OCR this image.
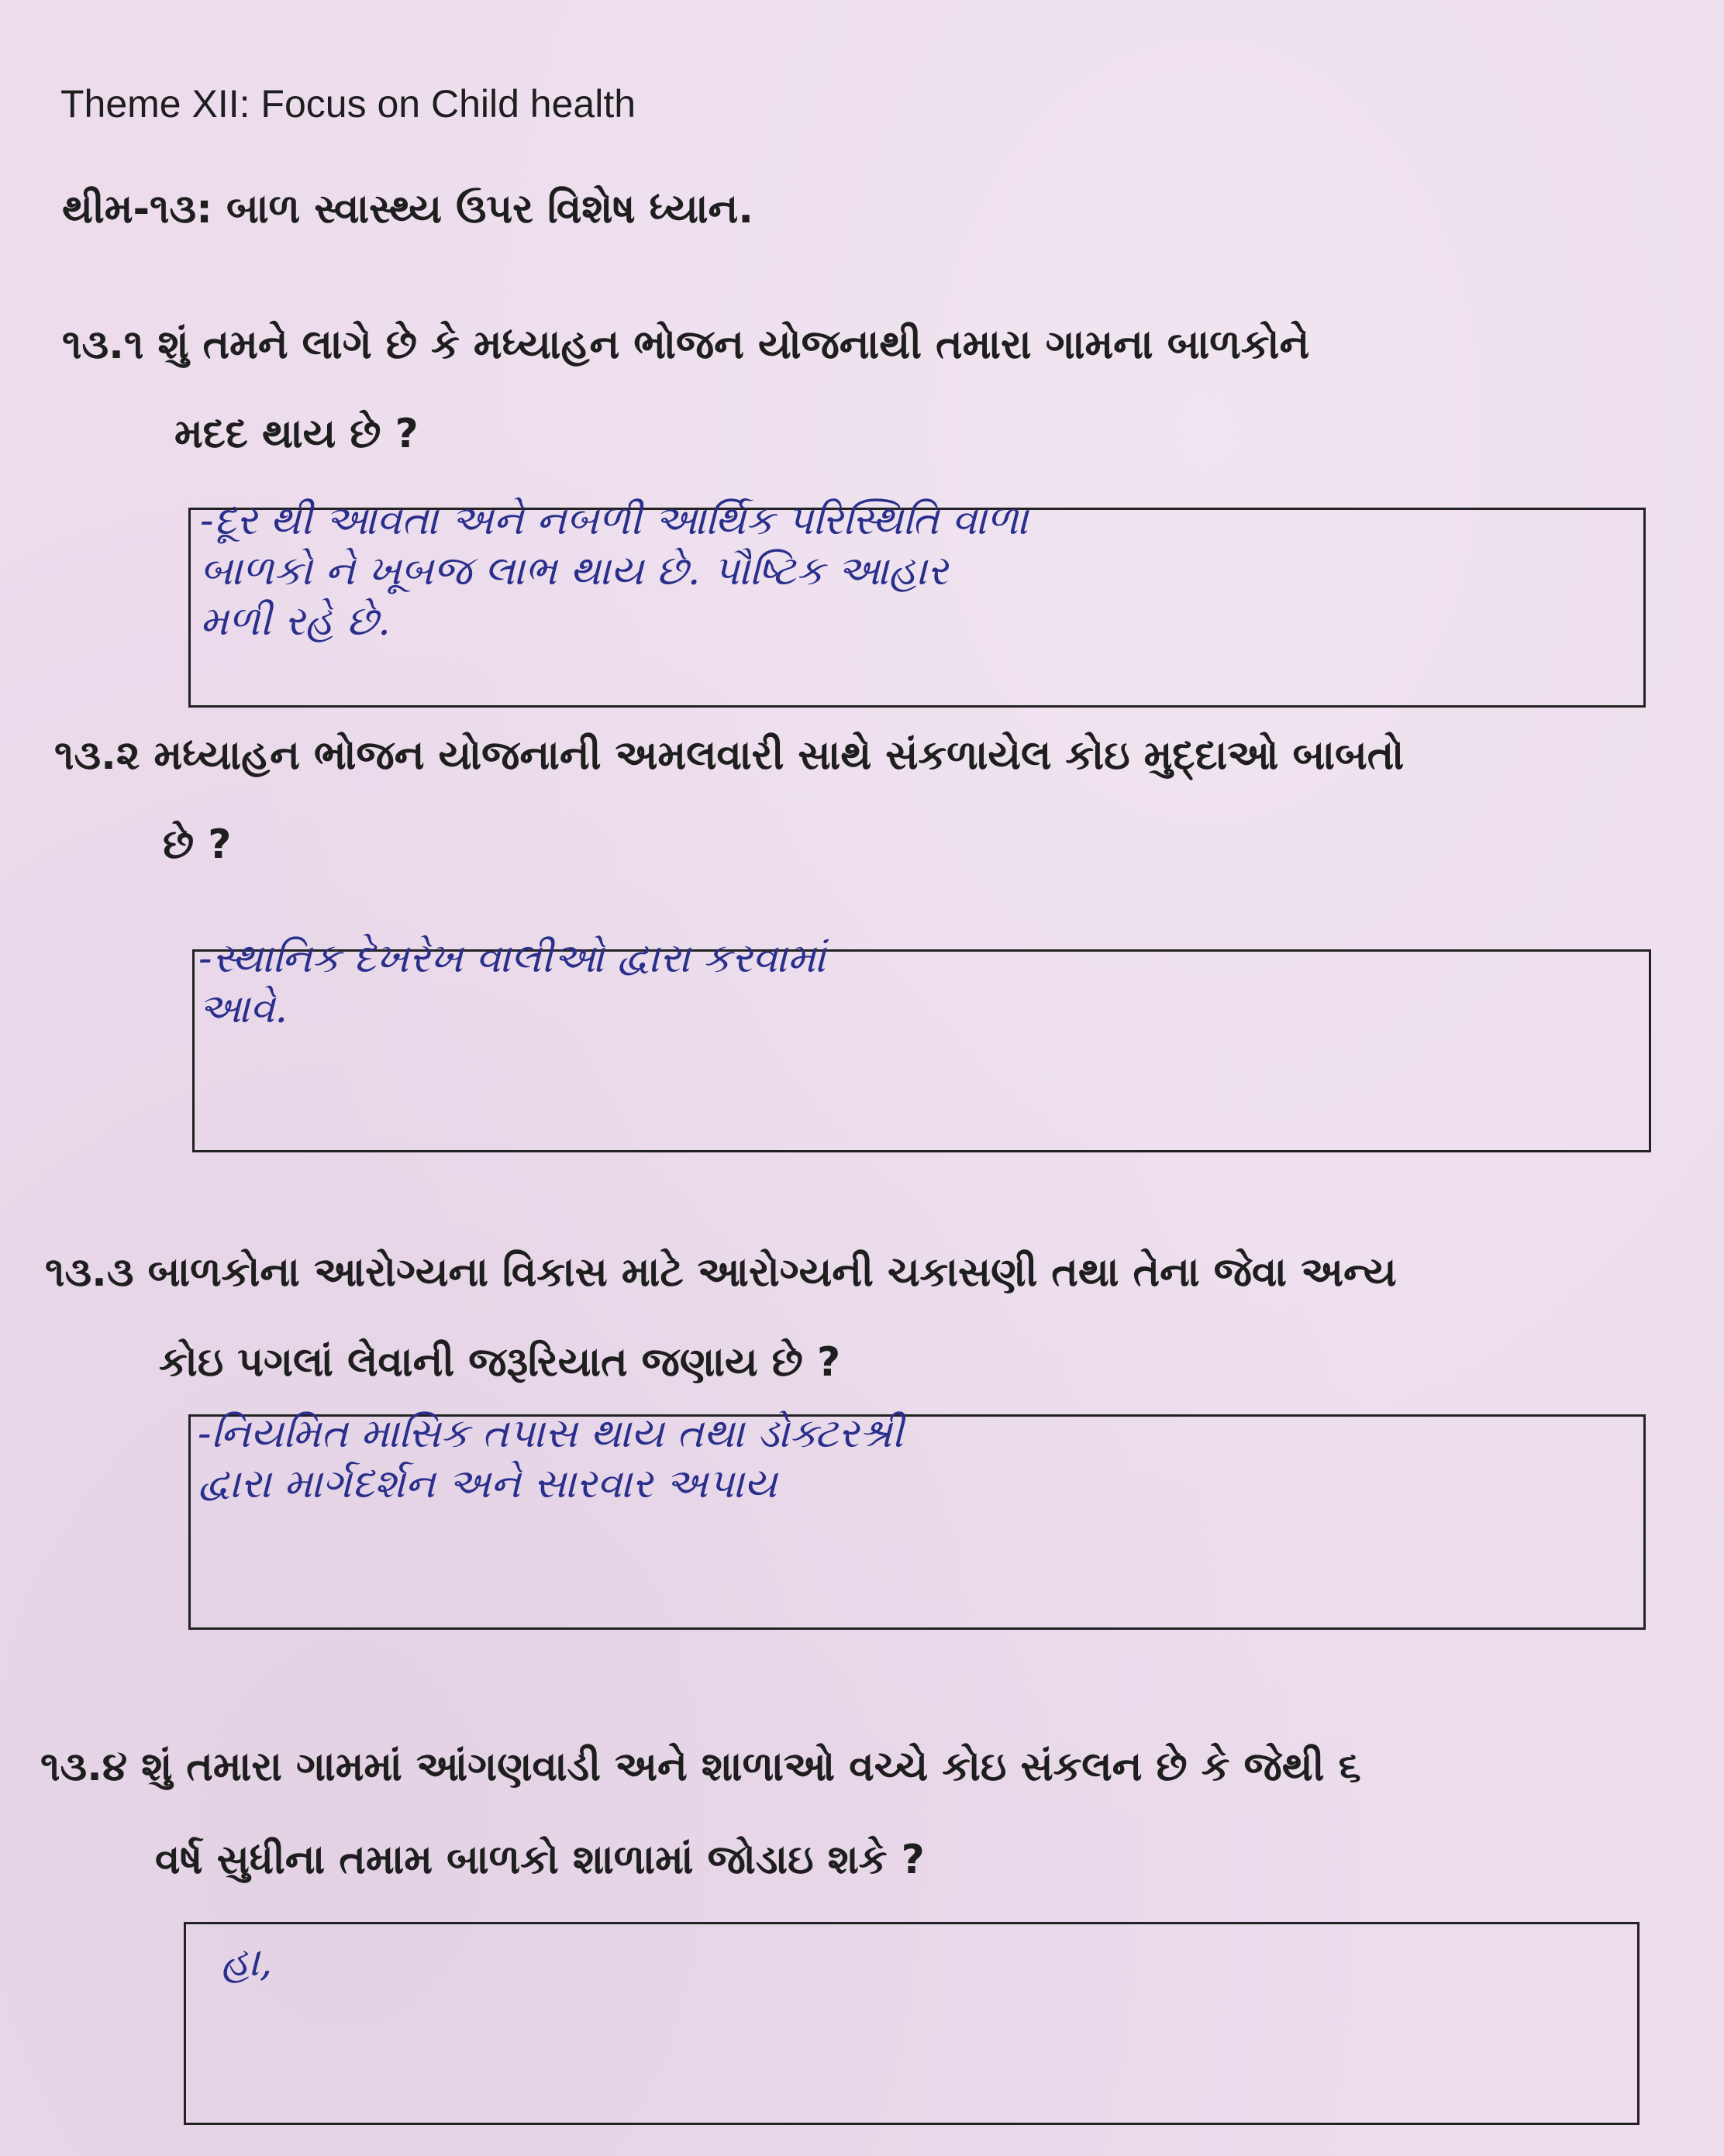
Theme XII: Focus on Child health
થીમ-૧૩: બાળ સ્વાસ્થ્ય ઉપર વિશેષ ધ્યાન.
૧૩.૧ શું તમને લાગે છે કે મધ્યાહન ભોજન યોજનાથી તમારા ગામના બાળકોને
મદદ થાય છે ?
-દૂર થી આવતા અને નબળી આર્થિક પરિસ્થિતિ વાળા
બાળકો ને ખૂબજ લાભ થાય છે. પૌષ્ટિક આહાર
મળી રહે છે.
૧૩.૨ મધ્યાહન ભોજન યોજનાની અમલવારી સાથે સંકળાયેલ કોઇ મુદ્દાઓ બાબતો
છે ?
-સ્થાનિક દેખરેખ વાલીઓ દ્વારા કરવામાં
આવે.
૧૩.૩ બાળકોના આરોગ્યના વિકાસ માટે આરોગ્યની ચકાસણી તથા તેના જેવા અન્ય
કોઇ પગલાં લેવાની જરૂરિયાત જણાય છે ?
-નિયમિત માસિક તપાસ થાય તથા ડોક્ટરશ્રી
દ્વારા માર્ગદર્શન અને સારવાર અપાય
૧૩.૪ શું તમારા ગામમાં આંગણવાડી અને શાળાઓ વચ્ચે કોઇ સંકલન છે કે જેથી ૬
વર્ષ સુધીના તમામ બાળકો શાળામાં જોડાઇ શકે ?
હા,
